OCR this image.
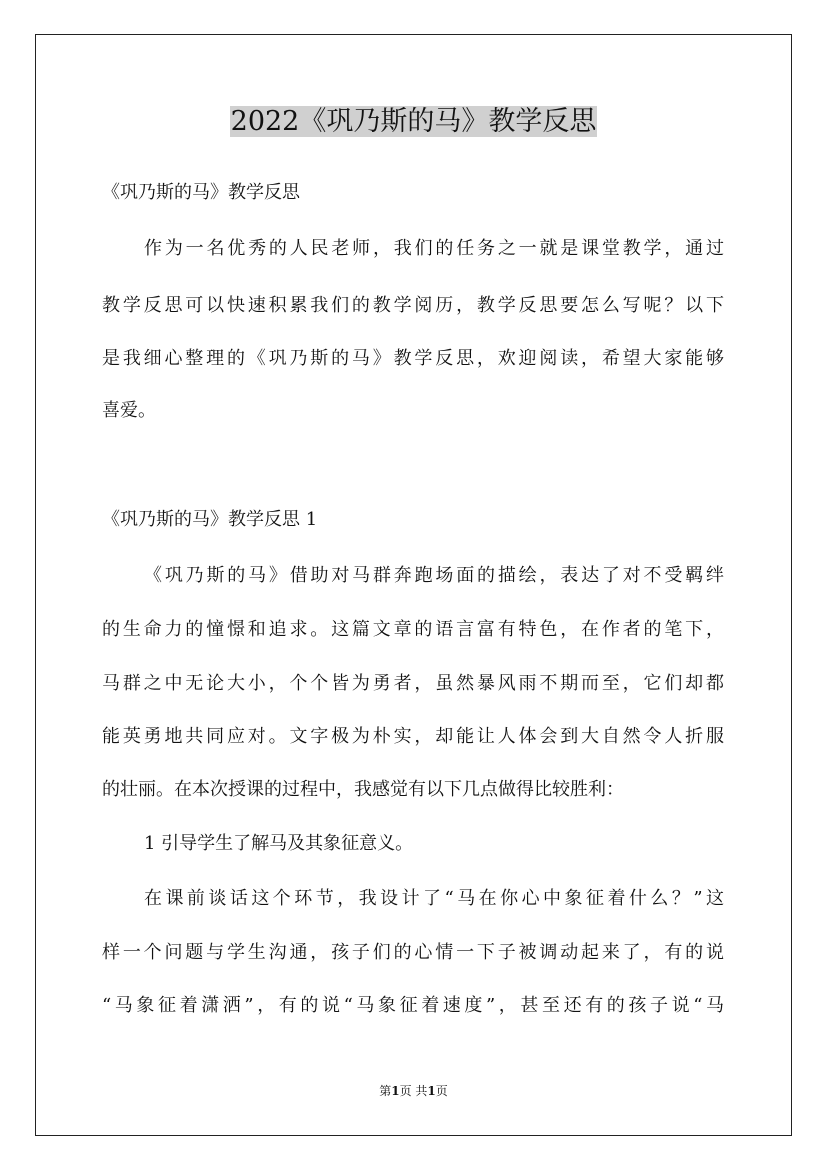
2022《巩乃斯的马》教学反思
《巩乃斯的马》教学反思
作为一名优秀的人民老师，我们的任务之一就是课堂教学，通过
教学反思可以快速积累我们的教学阅历，教学反思要怎么写呢？以下
是我细心整理的《巩乃斯的马》教学反思，欢迎阅读，希望大家能够
喜爱。
《巩乃斯的马》教学反思 1
《巩乃斯的马》借助对马群奔跑场面的描绘，表达了对不受羁绊
的生命力的憧憬和追求。这篇文章的语言富有特色，在作者的笔下，
马群之中无论大小，个个皆为勇者，虽然暴风雨不期而至，它们却都
能英勇地共同应对。文字极为朴实，却能让人体会到大自然令人折服
的壮丽。在本次授课的过程中，我感觉有以下几点做得比较胜利：
1 引导学生了解马及其象征意义。
在课前谈话这个环节，我设计了“马在你心中象征着什么？”这
样一个问题与学生沟通，孩子们的心情一下子被调动起来了，有的说
“马象征着潇洒”，有的说“马象征着速度”，甚至还有的孩子说“马
第1页 共1页
